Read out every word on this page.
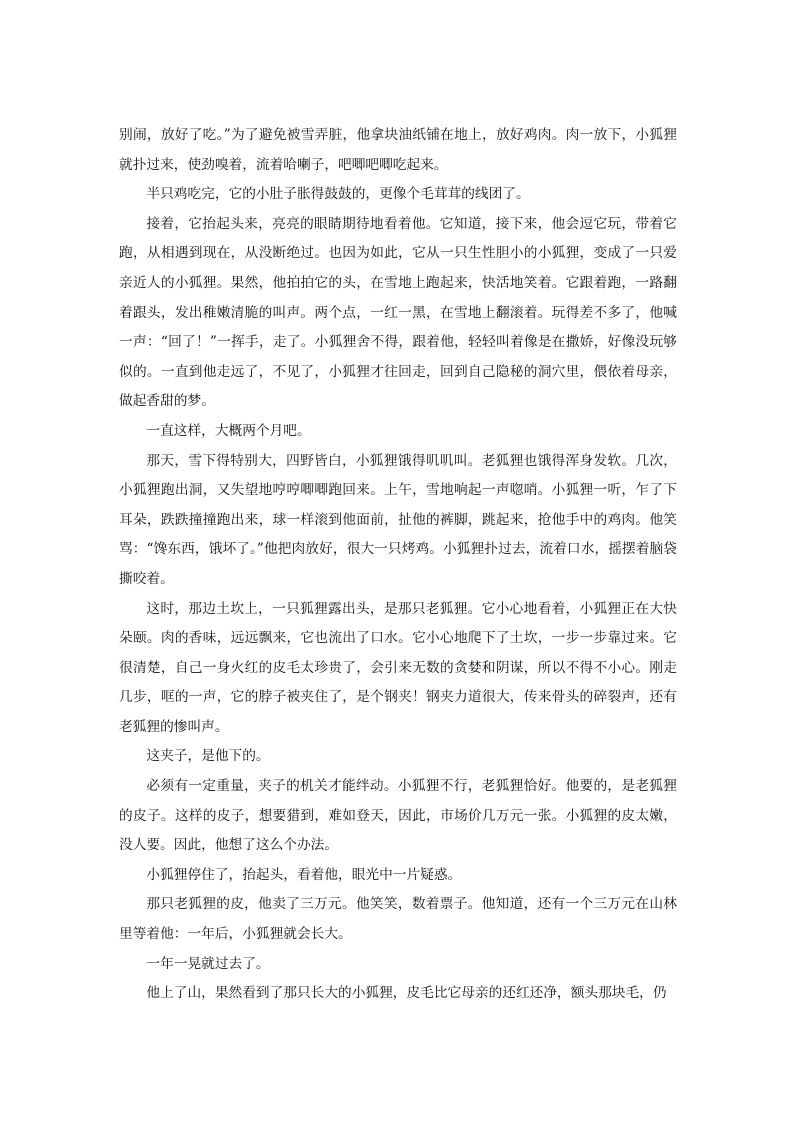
别闹，放好了吃。”为了避免被雪弄脏，他拿块油纸铺在地上，放好鸡肉。肉一放下，小狐狸就扑过来，使劲嗅着，流着哈喇子，吧唧吧唧吃起来。

半只鸡吃完，它的小肚子胀得鼓鼓的，更像个毛茸茸的线团了。

接着，它抬起头来，亮亮的眼睛期待地看着他。它知道，接下来，他会逗它玩，带着它跑，从相遇到现在，从没断绝过。也因为如此，它从一只生性胆小的小狐狸，变成了一只爱亲近人的小狐狸。果然，他拍拍它的头，在雪地上跑起来，快活地笑着。它跟着跑，一路翻着跟头，发出稚嫩清脆的叫声。两个点，一红一黑，在雪地上翻滚着。玩得差不多了，他喊一声：“回了！”一挥手，走了。小狐狸舍不得，跟着他，轻轻叫着像是在撒娇，好像没玩够似的。一直到他走远了，不见了，小狐狸才往回走，回到自己隐秘的洞穴里，偎依着母亲，做起香甜的梦。

一直这样，大概两个月吧。

那天，雪下得特别大，四野皆白，小狐狸饿得叽叽叫。老狐狸也饿得浑身发软。几次，小狐狸跑出洞，又失望地哼哼唧唧跑回来。上午，雪地响起一声唿哨。小狐狸一听，乍了下耳朵，跌跌撞撞跑出来，球一样滚到他面前，扯他的裤脚，跳起来，抢他手中的鸡肉。他笑骂：“馋东西，饿坏了。”他把肉放好，很大一只烤鸡。小狐狸扑过去，流着口水，摇摆着脑袋撕咬着。

这时，那边土坎上，一只狐狸露出头，是那只老狐狸。它小心地看着，小狐狸正在大快朵颐。肉的香味，远远飘来，它也流出了口水。它小心地爬下了土坎，一步一步靠过来。它很清楚，自己一身火红的皮毛太珍贵了，会引来无数的贪婪和阴谋，所以不得不小心。刚走几步，哐的一声，它的脖子被夹住了，是个钢夹！钢夹力道很大，传来骨头的碎裂声，还有老狐狸的惨叫声。

这夹子，是他下的。

必须有一定重量，夹子的机关才能绊动。小狐狸不行，老狐狸恰好。他要的，是老狐狸的皮子。这样的皮子，想要猎到，难如登天，因此，市场价几万元一张。小狐狸的皮太嫩，没人要。因此，他想了这么个办法。

小狐狸停住了，抬起头，看着他，眼光中一片疑惑。

那只老狐狸的皮，他卖了三万元。他笑笑，数着票子。他知道，还有一个三万元在山林里等着他：一年后，小狐狸就会长大。

一年一晃就过去了。

他上了山，果然看到了那只长大的小狐狸，皮毛比它母亲的还红还净，额头那块毛，仍
